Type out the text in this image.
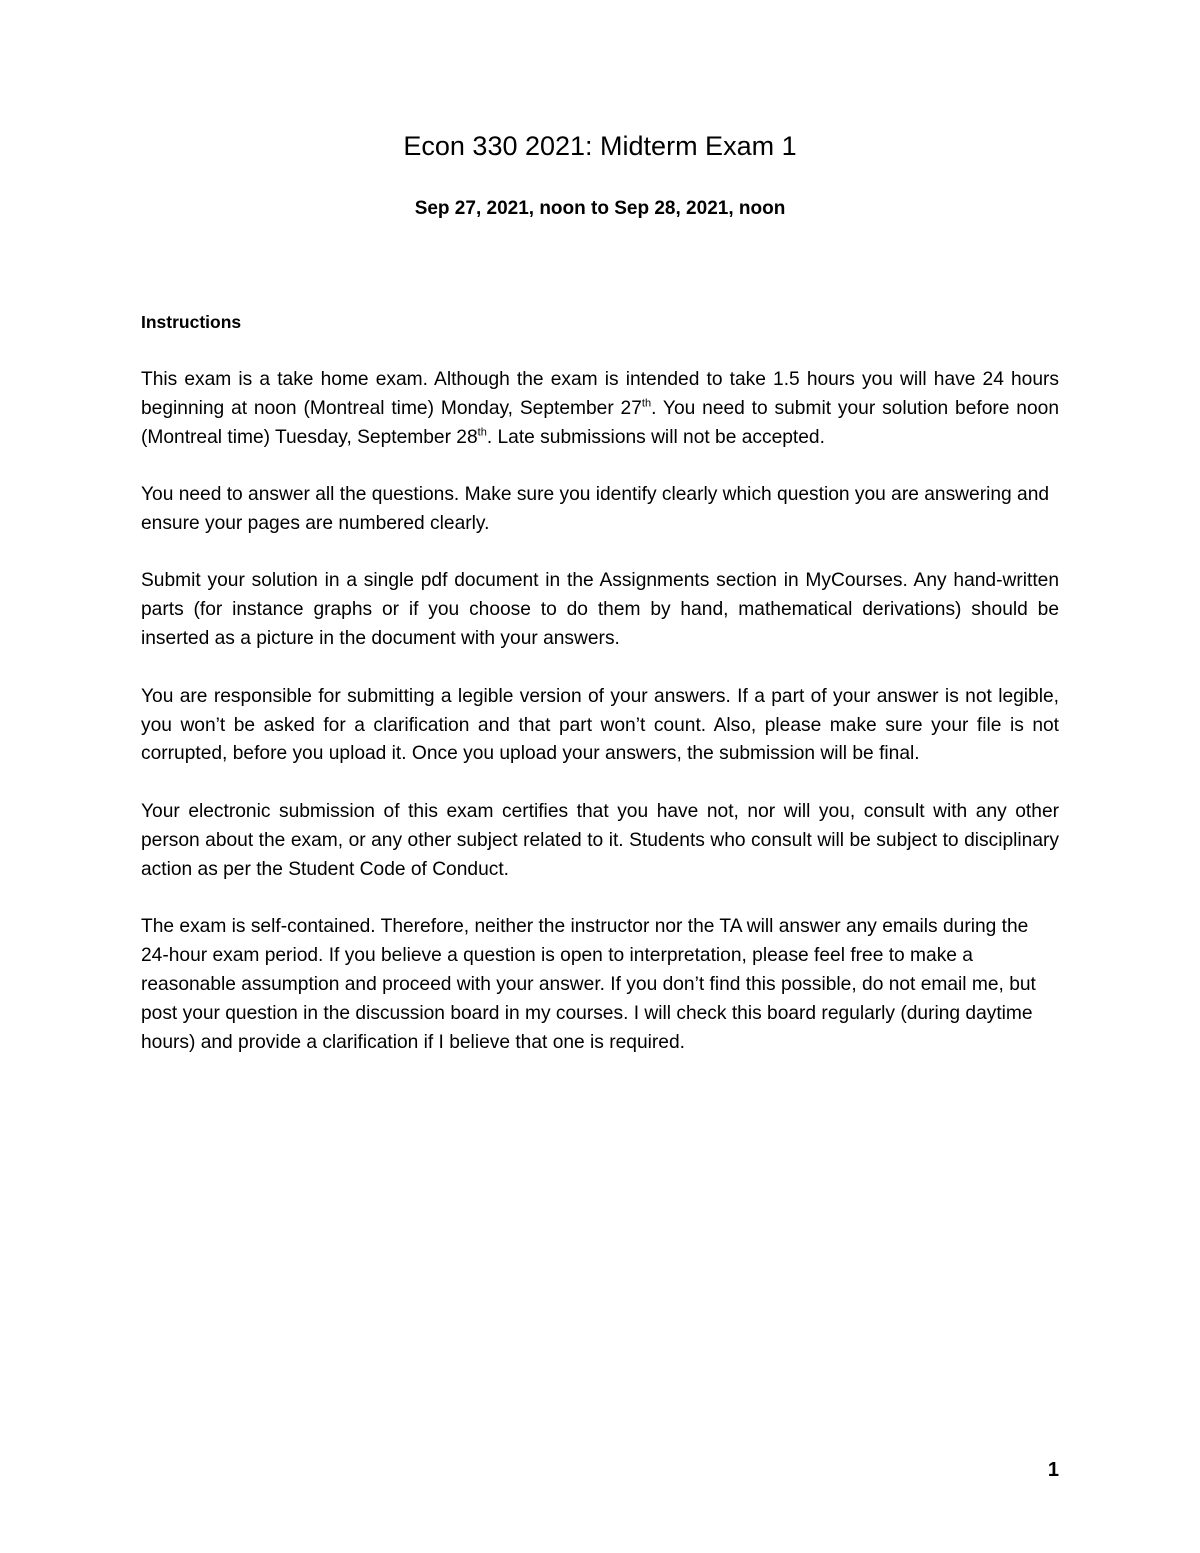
Econ 330 2021: Midterm Exam 1
Sep 27, 2021, noon to Sep 28, 2021, noon
Instructions

This exam is a take home exam. Although the exam is intended to take 1.5 hours you will have 24 hours beginning at noon (Montreal time) Monday, September 27th. You need to submit your solution before noon (Montreal time) Tuesday, September 28th. Late submissions will not be accepted.

You need to answer all the questions. Make sure you identify clearly which question you are answering and ensure your pages are numbered clearly.

Submit your solution in a single pdf document in the Assignments section in MyCourses. Any hand-written parts (for instance graphs or if you choose to do them by hand, mathematical derivations) should be inserted as a picture in the document with your answers.

You are responsible for submitting a legible version of your answers. If a part of your answer is not legible, you won’t be asked for a clarification and that part won’t count. Also, please make sure your file is not corrupted, before you upload it. Once you upload your answers, the submission will be final.

Your electronic submission of this exam certifies that you have not, nor will you, consult with any other person about the exam, or any other subject related to it. Students who consult will be subject to disciplinary action as per the Student Code of Conduct.

The exam is self-contained. Therefore, neither the instructor nor the TA will answer any emails during the 24-hour exam period. If you believe a question is open to interpretation, please feel free to make a reasonable assumption and proceed with your answer. If you don’t find this possible, do not email me, but post your question in the discussion board in my courses. I will check this board regularly (during daytime hours) and provide a clarification if I believe that one is required.

1
